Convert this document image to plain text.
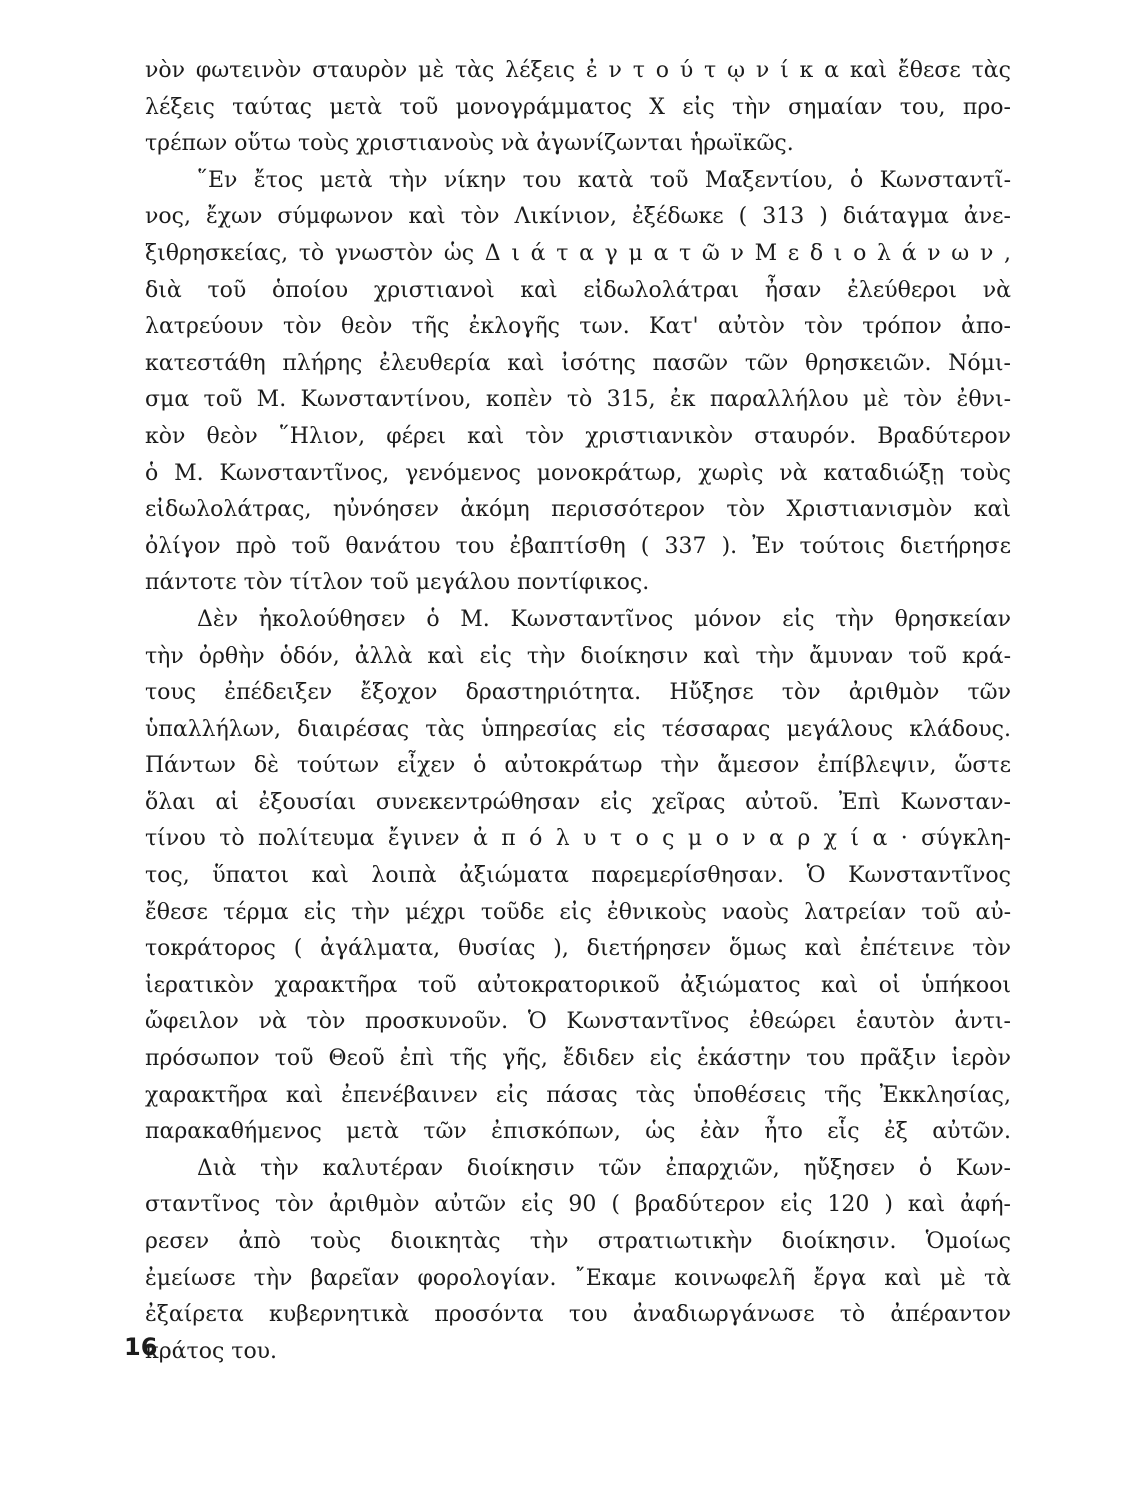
νὸν φωτεινὸν σταυρὸν μὲ τὰς λέξεις ἐ ν τ ο ύ τ ῳ ν ί κ α καὶ ἔθεσε τὰς
λέξεις ταύτας μετὰ τοῦ μονογράμματος Χ εἰς τὴν σημαίαν του, προ-
τρέπων οὕτω τοὺς χριστιανοὺς νὰ ἀγωνίζωνται ἡρωϊκῶς.
῞Εν ἔτος μετὰ τὴν νίκην του κατὰ τοῦ Μαξεντίου, ὁ Κωνσταντῖ-
νος, ἔχων σύμφωνον καὶ τὸν Λικίνιον, ἐξέδωκε ( 313 ) διάταγμα ἀνε-
ξιθρησκείας, τὸ γνωστὸν ὡς Δ ι ά τ α γ μ α τ ῶ ν Μ ε δ ι ο λ ά ν ω ν ,
διὰ τοῦ ὁποίου χριστιανοὶ καὶ εἰδωλολάτραι ἦσαν ἐλεύθεροι νὰ
λατρεύουν τὸν θεὸν τῆς ἐκλογῆς των. Κατ' αὐτὸν τὸν τρόπον ἀπο-
κατεστάθη πλήρης ἐλευθερία καὶ ἰσότης πασῶν τῶν θρησκειῶν. Νόμι-
σμα τοῦ Μ. Κωνσταντίνου, κοπὲν τὸ 315, ἐκ παραλλήλου μὲ τὸν ἐθνι-
κὸν θεὸν ῞Ηλιον, φέρει καὶ τὸν χριστιανικὸν σταυρόν. Βραδύτερον
ὁ Μ. Κωνσταντῖνος, γενόμενος μονοκράτωρ, χωρὶς νὰ καταδιώξῃ τοὺς
εἰδωλολάτρας, ηὐνόησεν ἀκόμη περισσότερον τὸν Χριστιανισμὸν καὶ
ὀλίγον πρὸ τοῦ θανάτου του ἐβαπτίσθη ( 337 ). Ἐν τούτοις διετήρησε
πάντοτε τὸν τίτλον τοῦ μεγάλου ποντίφικος.
Δὲν ἠκολούθησεν ὁ Μ. Κωνσταντῖνος μόνον εἰς τὴν θρησκείαν
τὴν ὀρθὴν ὁδόν, ἀλλὰ καὶ εἰς τὴν διοίκησιν καὶ τὴν ἄμυναν τοῦ κρά-
τους ἐπέδειξεν ἔξοχον δραστηριότητα. Ηὔξησε τὸν ἀριθμὸν τῶν
ὑπαλλήλων, διαιρέσας τὰς ὑπηρεσίας εἰς τέσσαρας μεγάλους κλάδους.
Πάντων δὲ τούτων εἶχεν ὁ αὐτοκράτωρ τὴν ἄμεσον ἐπίβλεψιν, ὥστε
ὅλαι αἱ ἐξουσίαι συνεκεντρώθησαν εἰς χεῖρας αὐτοῦ. Ἐπὶ Κωνσταν-
τίνου τὸ πολίτευμα ἔγινεν ἀ π ό λ υ τ ο ς μ ο ν α ρ χ ί α · σύγκλη-
τος, ὕπατοι καὶ λοιπὰ ἀξιώματα παρεμερίσθησαν. Ὁ Κωνσταντῖνος
ἔθεσε τέρμα εἰς τὴν μέχρι τοῦδε εἰς ἐθνικοὺς ναοὺς λατρείαν τοῦ αὐ-
τοκράτορος ( ἀγάλματα, θυσίας ), διετήρησεν ὅμως καὶ ἐπέτεινε τὸν
ἱερατικὸν χαρακτῆρα τοῦ αὐτοκρατορικοῦ ἀξιώματος καὶ οἱ ὑπήκοοι
ὤφειλον νὰ τὸν προσκυνοῦν. Ὁ Κωνσταντῖνος ἐθεώρει ἑαυτὸν ἀντι-
πρόσωπον τοῦ Θεοῦ ἐπὶ τῆς γῆς, ἔδιδεν εἰς ἑκάστην του πρᾶξιν ἱερὸν
χαρακτῆρα καὶ ἐπενέβαινεν εἰς πάσας τὰς ὑποθέσεις τῆς Ἐκκλησίας,
παρακαθήμενος μετὰ τῶν ἐπισκόπων, ὡς ἐὰν ἦτο εἷς ἐξ αὐτῶν.
Διὰ τὴν καλυτέραν διοίκησιν τῶν ἐπαρχιῶν, ηὔξησεν ὁ Κων-
σταντῖνος τὸν ἀριθμὸν αὐτῶν εἰς 90 ( βραδύτερον εἰς 120 ) καὶ ἀφή-
ρεσεν ἀπὸ τοὺς διοικητὰς τὴν στρατιωτικὴν διοίκησιν. Ὁμοίως
ἐμείωσε τὴν βαρεῖαν φορολογίαν. ῎Εκαμε κοινωφελῆ ἔργα καὶ μὲ τὰ
ἐξαίρετα κυβερνητικὰ προσόντα του ἀναδιωργάνωσε τὸ ἀπέραντον
κράτος του.
16
